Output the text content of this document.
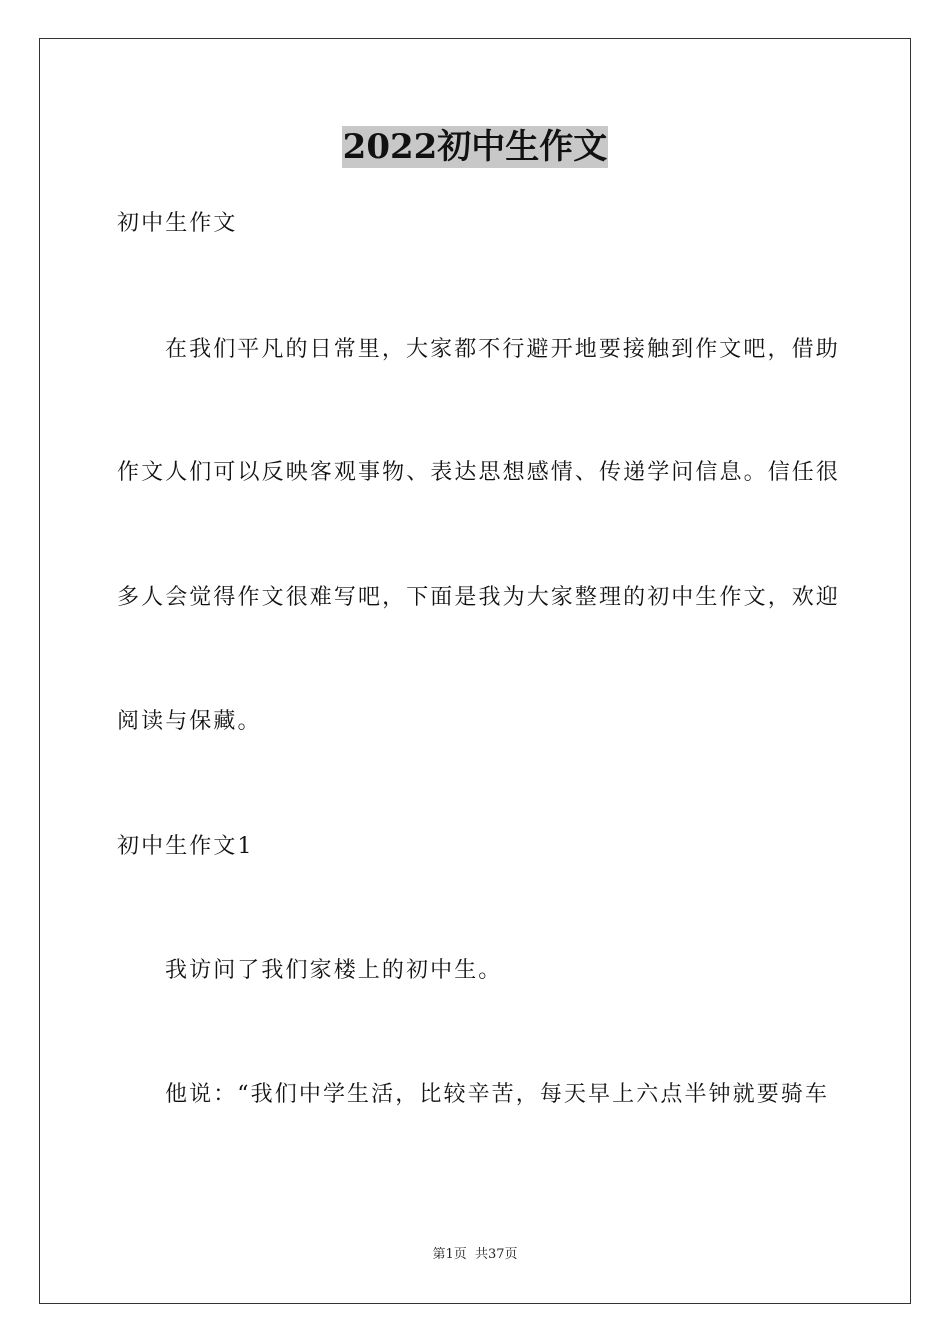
2022初中生作文
初中生作文
在我们平凡的日常里，大家都不行避开地要接触到作文吧，借助
作文人们可以反映客观事物、表达思想感情、传递学问信息。信任很
多人会觉得作文很难写吧，下面是我为大家整理的初中生作文，欢迎
阅读与保藏。
初中生作文1
我访问了我们家楼上的初中生。
他说：“我们中学生活，比较辛苦，每天早上六点半钟就要骑车
第1页 共37页
